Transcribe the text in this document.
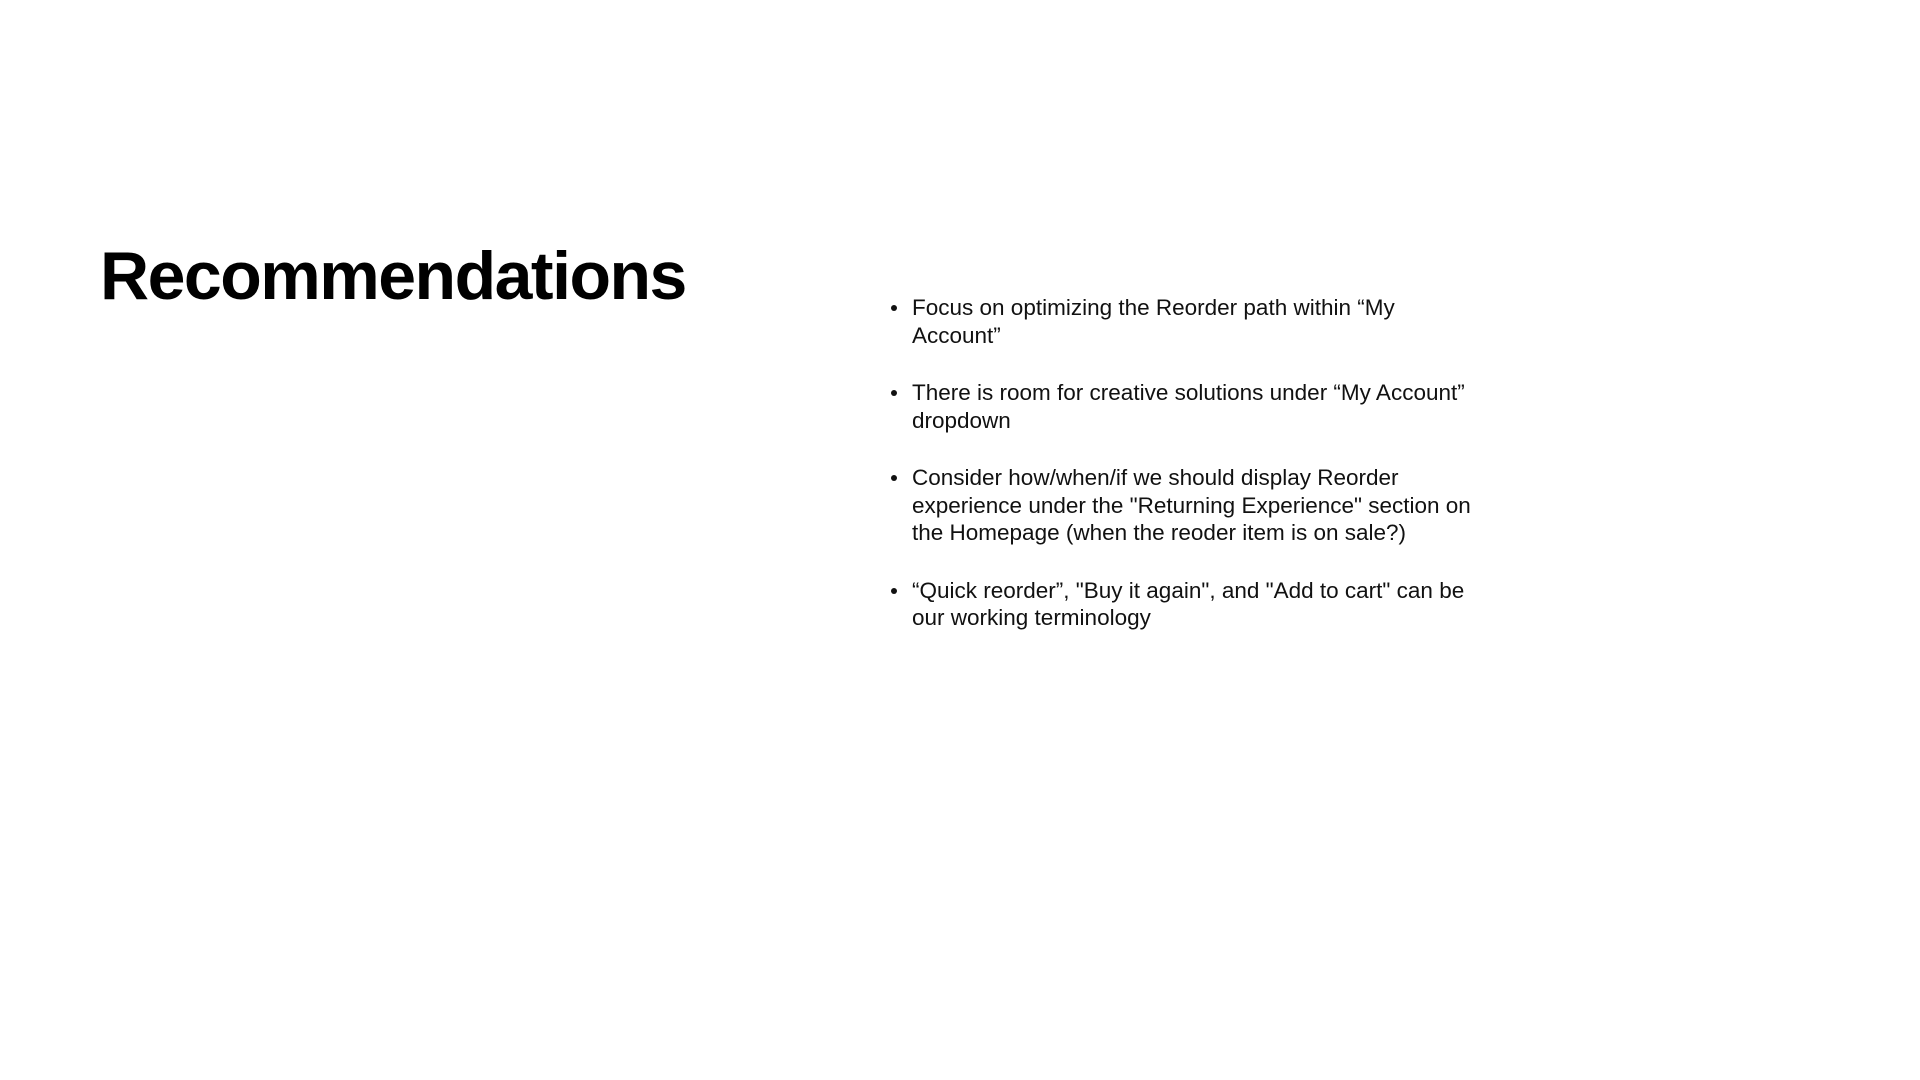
Recommendations	Focus on optimizing the Reorder path within “My Account”
There is room for creative solutions under “My Account” dropdown
Consider how/when/if we should display Reorder experience under the "Returning Experience" section on the Homepage (when the reoder item is on sale?)
“Quick reorder”, "Buy it again", and "Add to cart" can be our working terminology
